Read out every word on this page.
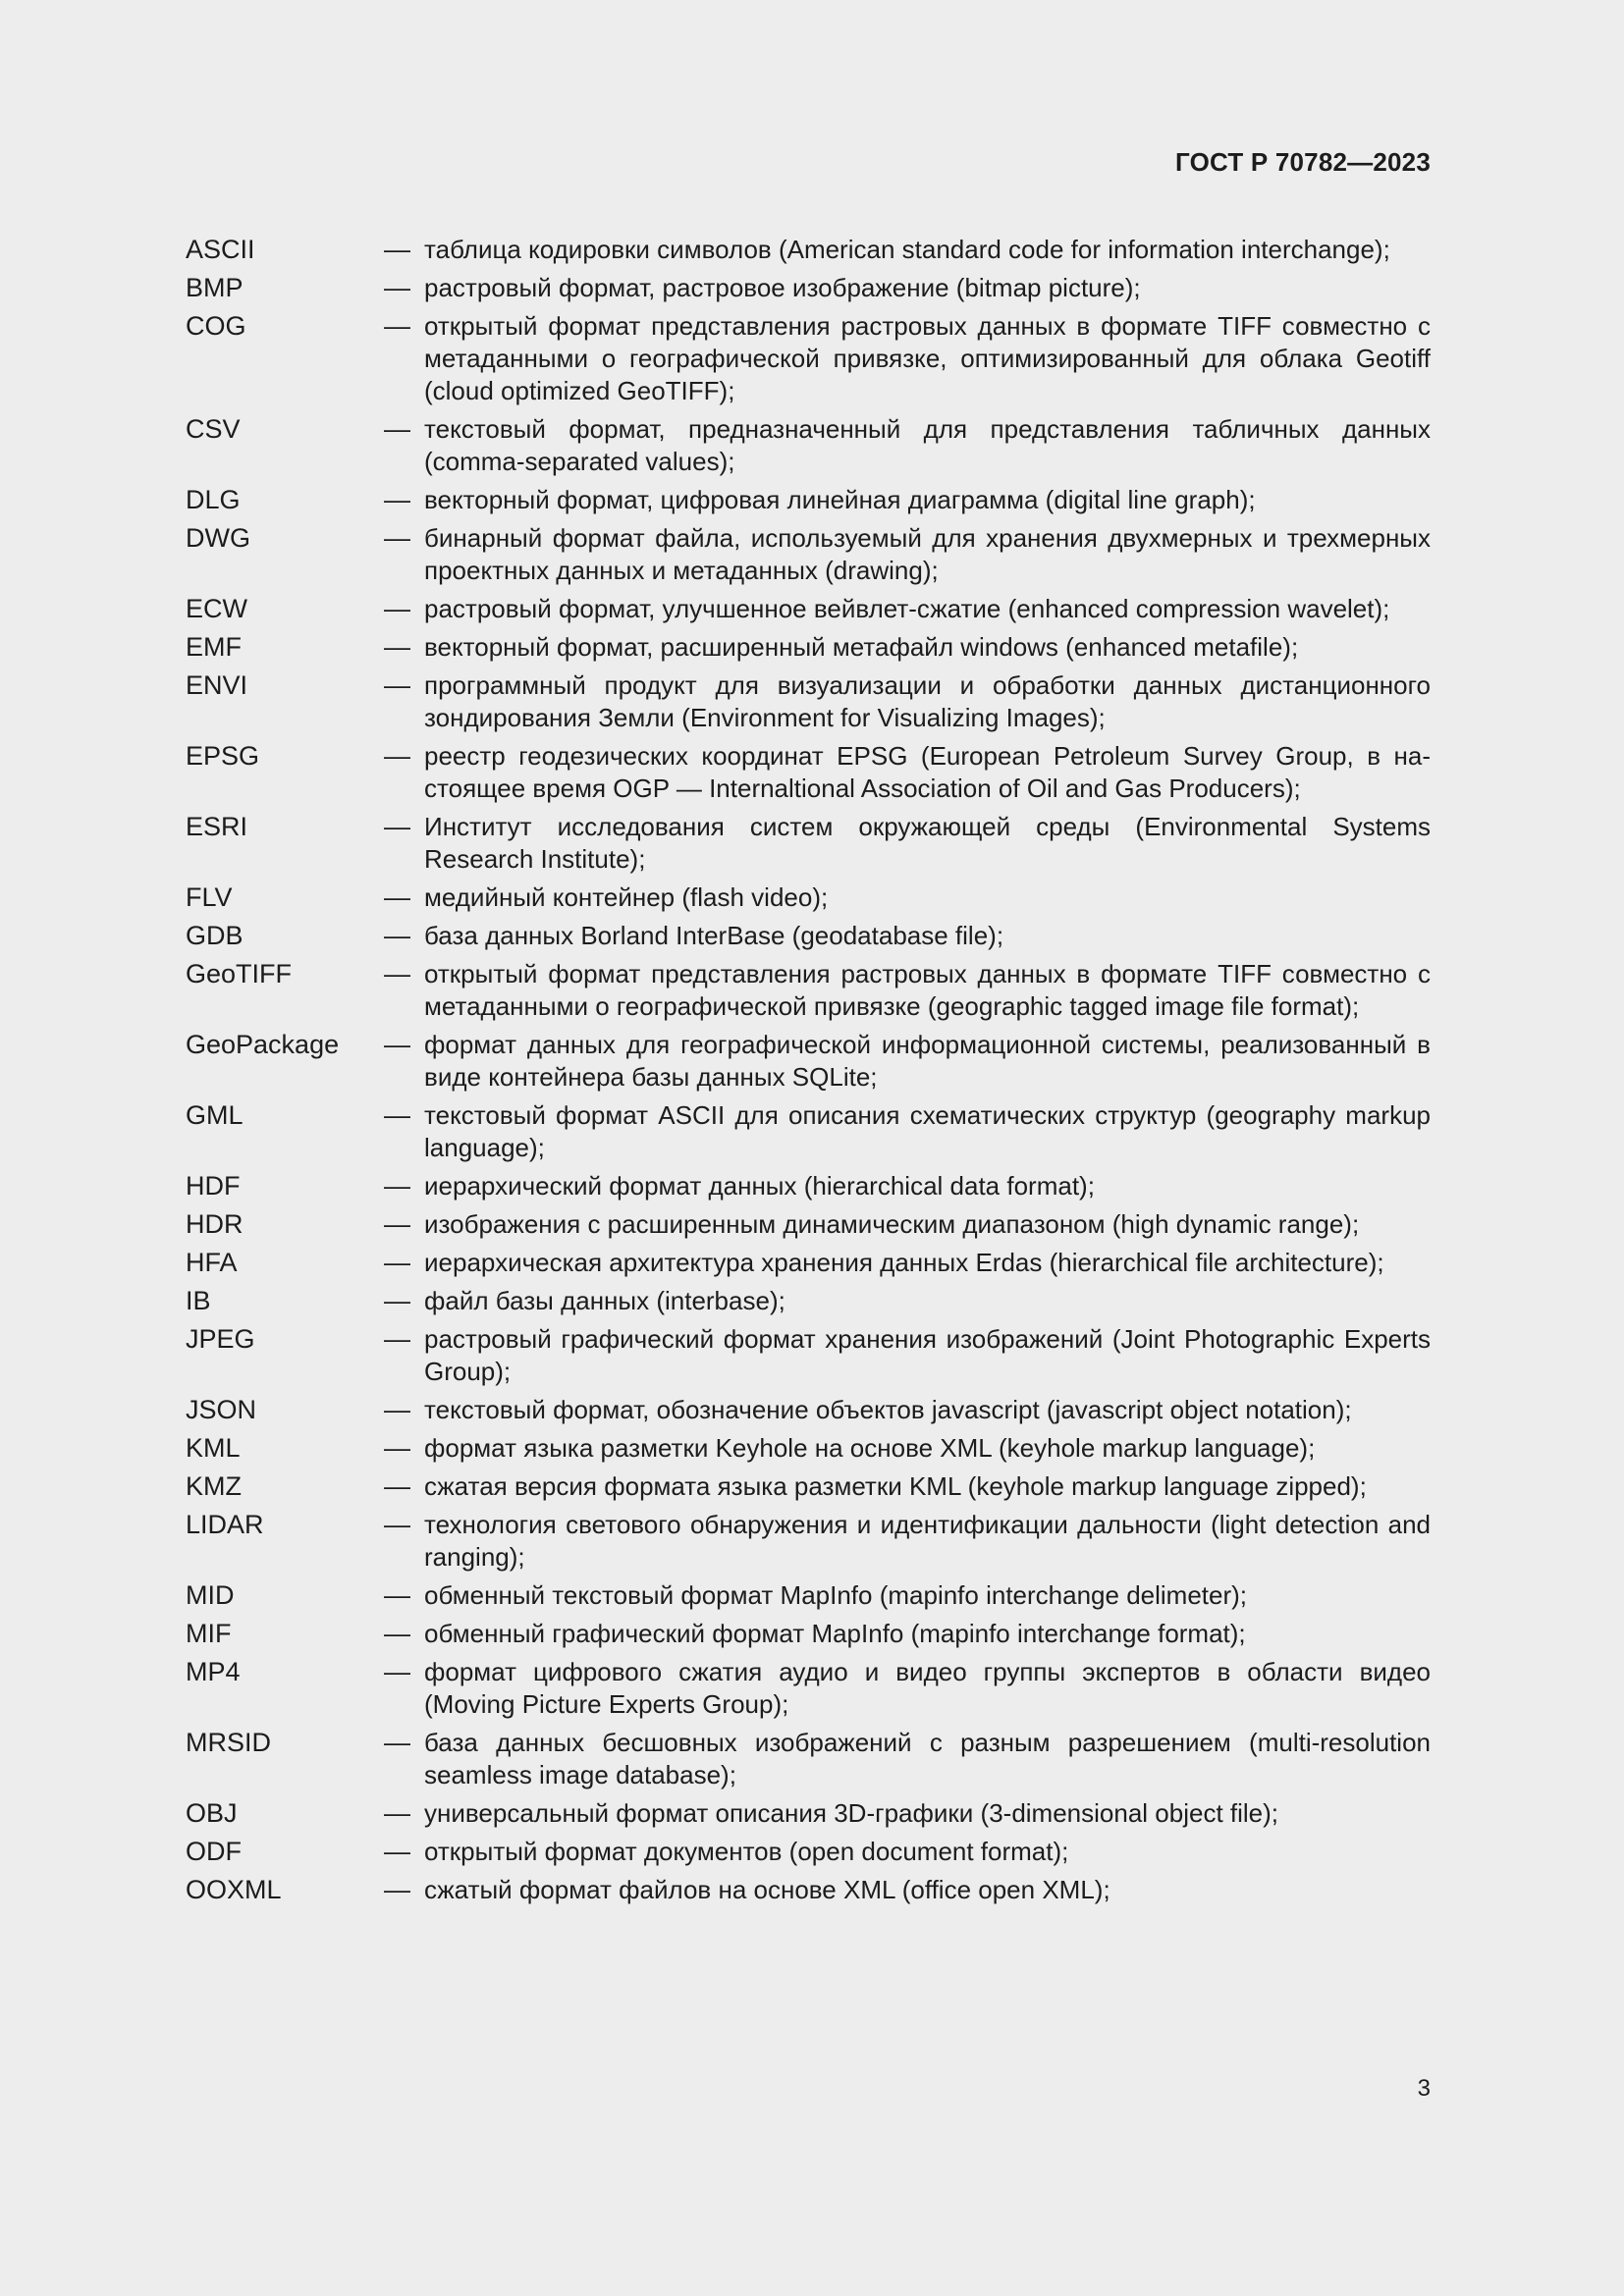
ГОСТ Р 70782—2023
ASCII	— таблица кодировки символов (American standard code for information interchange);
BMP	— растровый формат, растровое изображение (bitmap picture);
COG	— открытый формат представления растровых данных в формате TIFF совместно с метаданными о географической привязке, оптимизированный для облака Geotiff (cloud optimized GeoTIFF);
CSV	— текстовый формат, предназначенный для представления табличных данных (comma-separated values);
DLG	— векторный формат, цифровая линейная диаграмма (digital line graph);
DWG	— бинарный формат файла, используемый для хранения двухмерных и трехмерных проектных данных и метаданных (drawing);
ECW	— растровый формат, улучшенное вейвлет-сжатие (enhanced compression wavelet);
EMF	— векторный формат, расширенный метафайл windows (enhanced metafile);
ENVI	— программный продукт для визуализации и обработки данных дистанционного зондирования Земли (Environment for Visualizing Images);
EPSG	— реестр геодезических координат EPSG (European Petroleum Survey Group, в настоящее время OGP — Internaltional Association of Oil and Gas Producers);
ESRI	— Институт исследования систем окружающей среды (Environmental Systems Research Institute);
FLV	— медийный контейнер (flash video);
GDB	— база данных Borland InterBase (geodatabase file);
GeoTIFF	— открытый формат представления растровых данных в формате TIFF совместно с метаданными о географической привязке (geographic tagged image file format);
GeoPackage	— формат данных для географической информационной системы, реализованный в виде контейнера базы данных SQLite;
GML	— текстовый формат ASCII для описания схематических структур (geography markup language);
HDF	— иерархический формат данных (hierarchical data format);
HDR	— изображения с расширенным динамическим диапазоном (high dynamic range);
HFA	— иерархическая архитектура хранения данных Erdas (hierarchical file architecture);
IB	— файл базы данных (interbase);
JPEG	— растровый графический формат хранения изображений (Joint Photographic Experts Group);
JSON	— текстовый формат, обозначение объектов javascript (javascript object notation);
KML	— формат языка разметки Keyhole на основе XML (keyhole markup language);
KMZ	— сжатая версия формата языка разметки KML (keyhole markup language zipped);
LIDAR	— технология светового обнаружения и идентификации дальности (light detection and ranging);
MID	— обменный текстовый формат MapInfo (mapinfo interchange delimeter);
MIF	— обменный графический формат MapInfo (mapinfo interchange format);
MP4	— формат цифрового сжатия аудио и видео группы экспертов в области видео (Moving Picture Experts Group);
MRSID	— база данных бесшовных изображений с разным разрешением (multi-resolution seamless image database);
OBJ	— универсальный формат описания 3D-графики (3-dimensional object file);
ODF	— открытый формат документов (open document format);
OOXML	— сжатый формат файлов на основе XML (office open XML);
3
